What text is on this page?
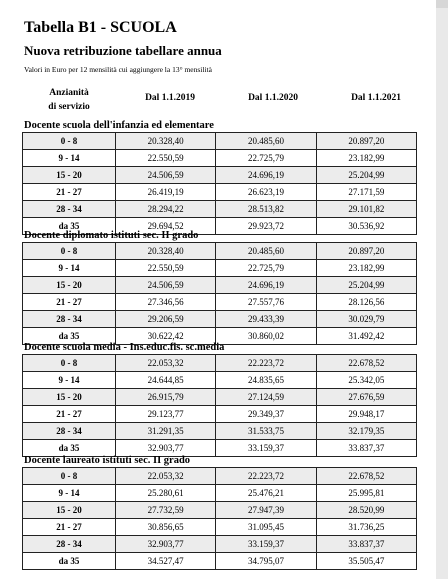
Tabella B1 - SCUOLA
Nuova retribuzione tabellare annua
Valori in Euro per 12 mensilità cui aggiungere la 13° mensilità
Anzianità
di servizio
Dal 1.1.2019	Dal 1.1.2020	Dal 1.1.2021
Docente scuola dell'infanzia ed elementare
0 - 8	20.328,40	20.485,60	20.897,20
9 - 14	22.550,59	22.725,79	23.182,99
15 - 20	24.506,59	24.696,19	25.204,99
21 - 27	26.419,19	26.623,19	27.171,59
28 - 34	28.294,22	28.513,82	29.101,82
da 35	29.694,52	29.923,72	30.536,92
Docente diplomato istituti sec. II grado
0 - 8	20.328,40	20.485,60	20.897,20
9 - 14	22.550,59	22.725,79	23.182,99
15 - 20	24.506,59	24.696,19	25.204,99
21 - 27	27.346,56	27.557,76	28.126,56
28 - 34	29.206,59	29.433,39	30.029,79
da 35	30.622,42	30.860,02	31.492,42
Docente scuola media - Ins.educ.fis. sc.media
0 - 8	22.053,32	22.223,72	22.678,52
9 - 14	24.644,85	24.835,65	25.342,05
15 - 20	26.915,79	27.124,59	27.676,59
21 - 27	29.123,77	29.349,37	29.948,17
28 - 34	31.291,35	31.533,75	32.179,35
da 35	32.903,77	33.159,37	33.837,37
Docente laureato istituti sec. II grado
0 - 8	22.053,32	22.223,72	22.678,52
9 - 14	25.280,61	25.476,21	25.995,81
15 - 20	27.732,59	27.947,39	28.520,99
21 - 27	30.856,65	31.095,45	31.736,25
28 - 34	32.903,77	33.159,37	33.837,37
da 35	34.527,47	34.795,07	35.505,47
